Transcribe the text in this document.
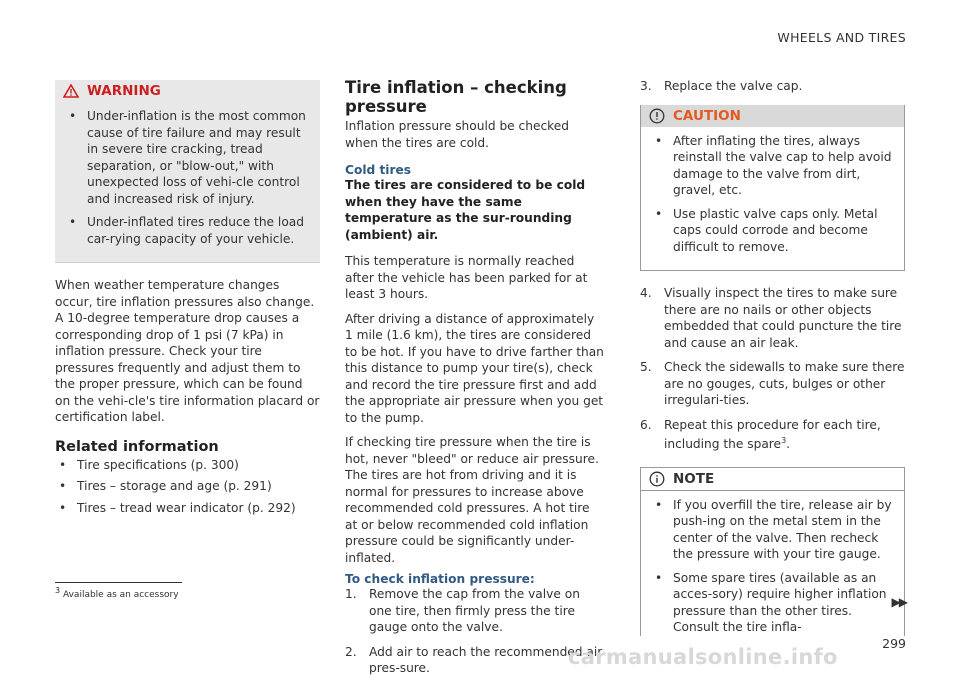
WHEELS AND TIRES
WARNING
• Under-inflation is the most common cause of tire failure and may result in severe tire cracking, tread separation, or "blow-out," with unexpected loss of vehi-cle control and increased risk of injury.
• Under-inflated tires reduce the load car-rying capacity of your vehicle.

When weather temperature changes occur, tire inflation pressures also change. A 10-degree temperature drop causes a corresponding drop of 1 psi (7 kPa) in inflation pressure. Check your tire pressures frequently and adjust them to the proper pressure, which can be found on the vehi-cle's tire information placard or certification label.

Related information
• Tire specifications (p. 300)
• Tires – storage and age (p. 291)
• Tires – tread wear indicator (p. 292)
Tire inflation – checking pressure

Inflation pressure should be checked when the tires are cold.

Cold tires

The tires are considered to be cold when they have the same temperature as the sur-rounding (ambient) air.

This temperature is normally reached after the vehicle has been parked for at least 3 hours.

After driving a distance of approximately 1 mile (1.6 km), the tires are considered to be hot. If you have to drive farther than this distance to pump your tire(s), check and record the tire pressure first and add the appropriate air pressure when you get to the pump.

If checking tire pressure when the tire is hot, never "bleed" or reduce air pressure. The tires are hot from driving and it is normal for pressures to increase above recommended cold pressures. A hot tire at or below recommended cold inflation pressure could be significantly under-inflated.

To check inflation pressure:
1. Remove the cap from the valve on one tire, then firmly press the tire gauge onto the valve.
2. Add air to reach the recommended air pres-sure.
3. Replace the valve cap.
CAUTION
• After inflating the tires, always reinstall the valve cap to help avoid damage to the valve from dirt, gravel, etc.
• Use plastic valve caps only. Metal caps could corrode and become difficult to remove.
4. Visually inspect the tires to make sure there are no nails or other objects embedded that could puncture the tire and cause an air leak.
5. Check the sidewalls to make sure there are no gouges, cuts, bulges or other irregulari-ties.
6. Repeat this procedure for each tire, including the spare$^3$.
NOTE
• If you overfill the tire, release air by push-ing on the metal stem in the center of the valve. Then recheck the pressure with your tire gauge.
• Some spare tires (available as an acces-sory) require higher inflation pressure than the other tires. Consult the tire infla-
$^3$ Available as an accessory	▶▶
299
carmanualsonline.info
